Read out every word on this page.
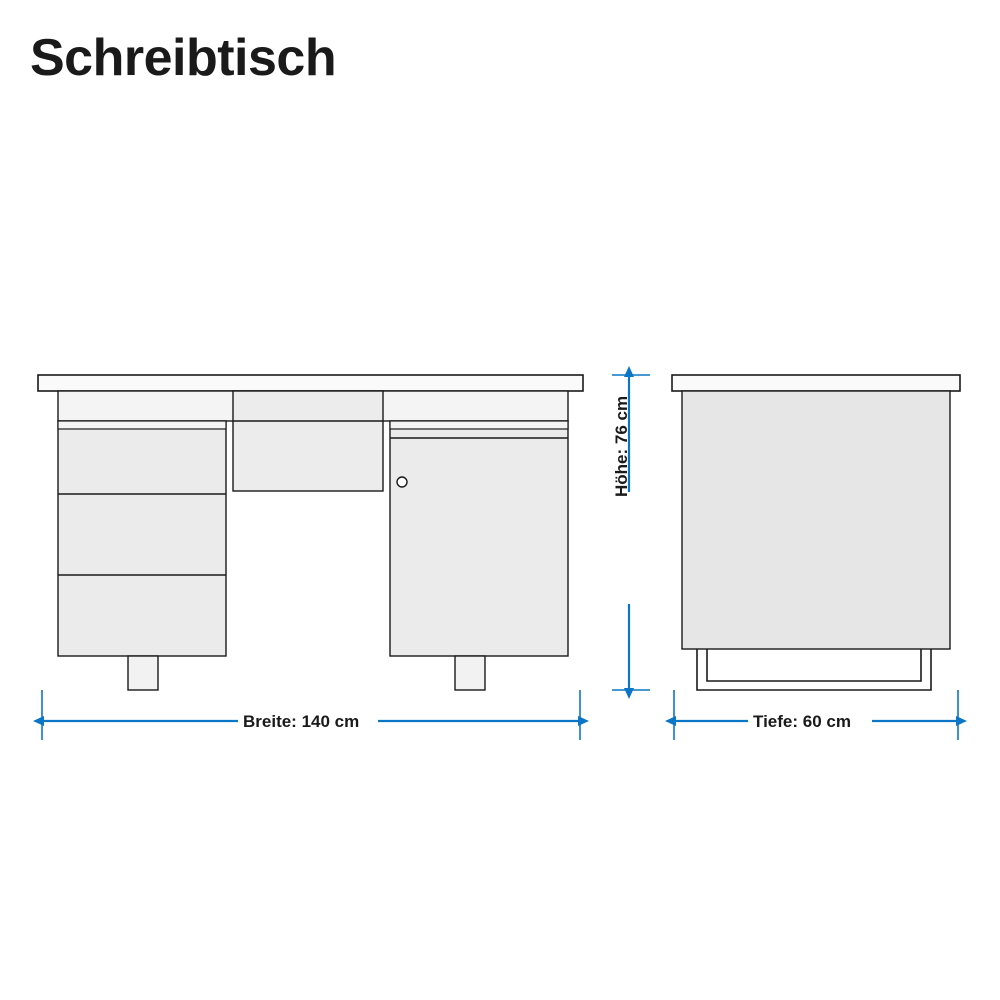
Schreibtisch
Breite: 140 cm	Tiefe: 60 cm
Höhe: 76 cm
